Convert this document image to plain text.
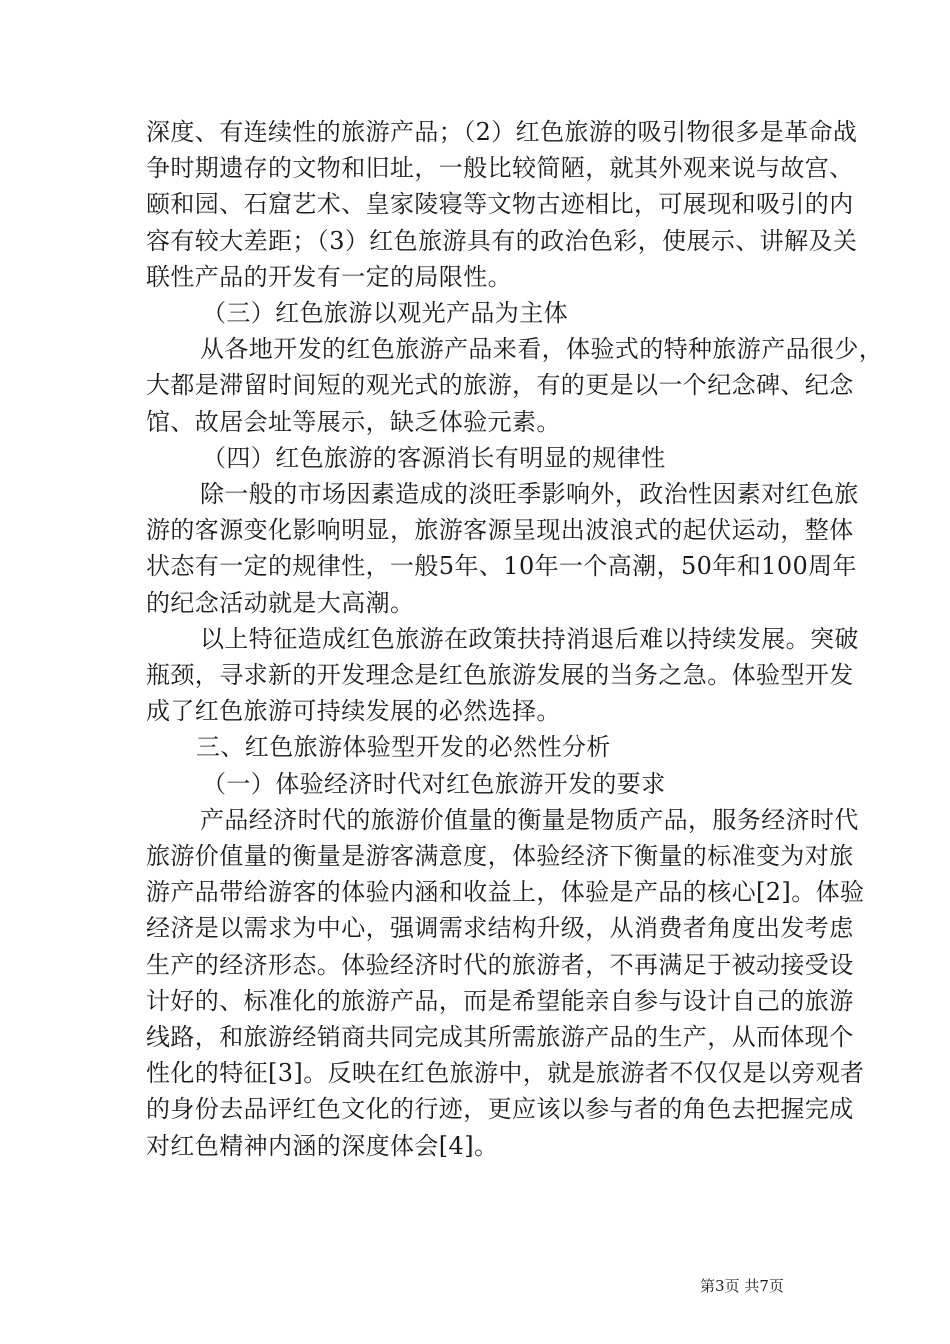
深度、有连续性的旅游产品；（2）红色旅游的吸引物很多是革命战
争时期遗存的文物和旧址，一般比较简陋，就其外观来说与故宫、
颐和园、石窟艺术、皇家陵寝等文物古迹相比，可展现和吸引的内
容有较大差距；（3）红色旅游具有的政治色彩，使展示、讲解及关
联性产品的开发有一定的局限性。
（三）红色旅游以观光产品为主体
从各地开发的红色旅游产品来看，体验式的特种旅游产品很少，
大都是滞留时间短的观光式的旅游，有的更是以一个纪念碑、纪念
馆、故居会址等展示，缺乏体验元素。
（四）红色旅游的客源消长有明显的规律性
除一般的市场因素造成的淡旺季影响外，政治性因素对红色旅
游的客源变化影响明显，旅游客源呈现出波浪式的起伏运动，整体
状态有一定的规律性，一般5年、10年一个高潮，50年和100周年
的纪念活动就是大高潮。
以上特征造成红色旅游在政策扶持消退后难以持续发展。突破
瓶颈，寻求新的开发理念是红色旅游发展的当务之急。体验型开发
成了红色旅游可持续发展的必然选择。
三、红色旅游体验型开发的必然性分析
（一）体验经济时代对红色旅游开发的要求
产品经济时代的旅游价值量的衡量是物质产品，服务经济时代
旅游价值量的衡量是游客满意度，体验经济下衡量的标准变为对旅
游产品带给游客的体验内涵和收益上，体验是产品的核心[2]。体验
经济是以需求为中心，强调需求结构升级，从消费者角度出发考虑
生产的经济形态。体验经济时代的旅游者，不再满足于被动接受设
计好的、标准化的旅游产品，而是希望能亲自参与设计自己的旅游
线路，和旅游经销商共同完成其所需旅游产品的生产，从而体现个
性化的特征[3]。反映在红色旅游中，就是旅游者不仅仅是以旁观者
的身份去品评红色文化的行迹，更应该以参与者的角色去把握完成
对红色精神内涵的深度体会[4]。
第3页 共7页
